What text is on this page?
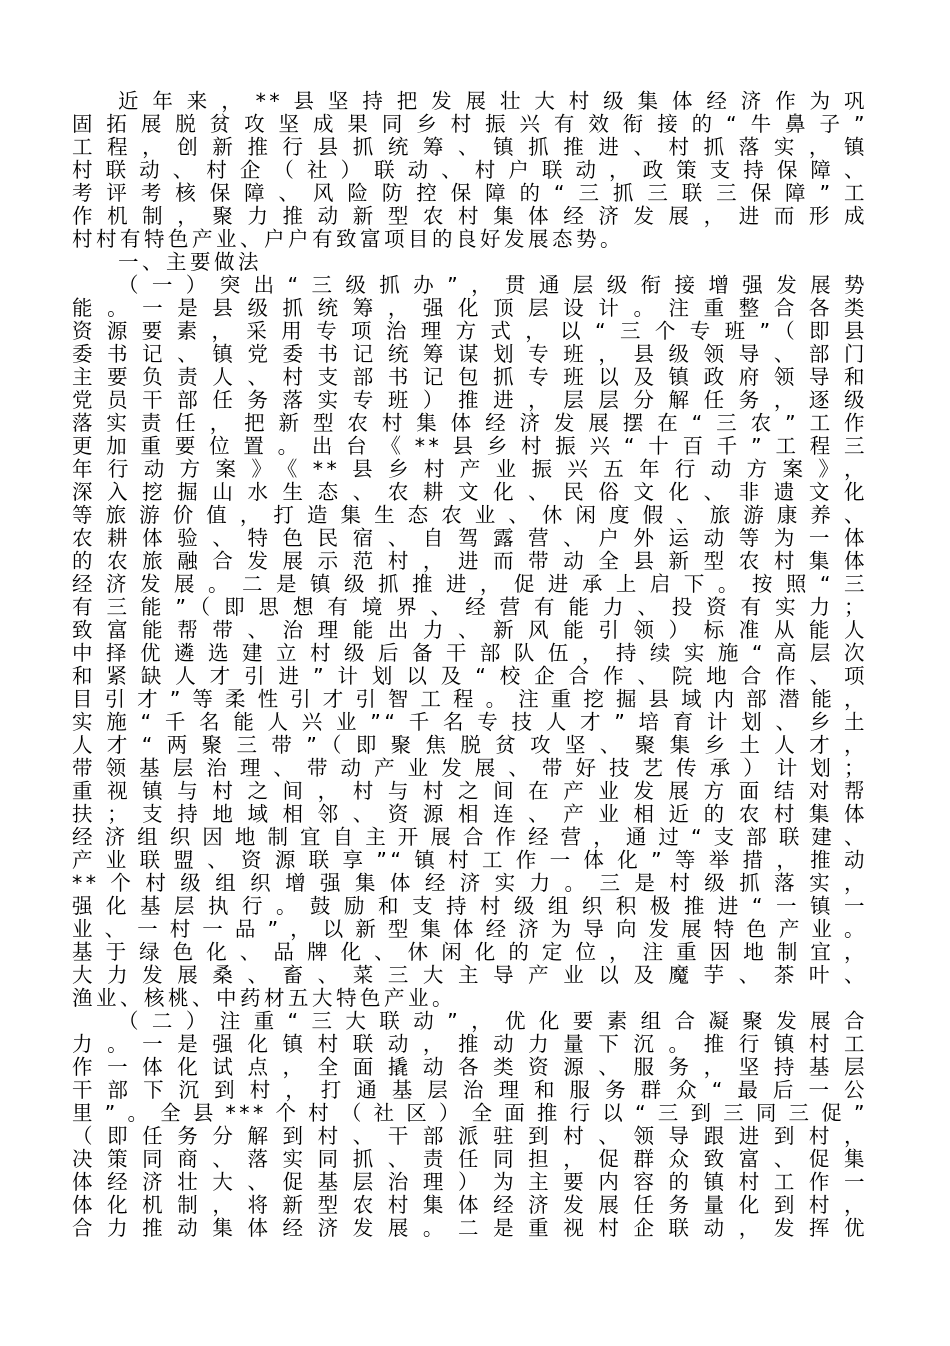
近年来，**县坚持把发展壮大村级集体经济作为巩
固拓展脱贫攻坚成果同乡村振兴有效衔接的“牛鼻子”
工程，创新推行县抓统筹、镇抓推进、村抓落实，镇
村联动、村企（社）联动、村户联动，政策支持保障、
考评考核保障、风险防控保障的“三抓三联三保障”工
作机制，聚力推动新型农村集体经济发展，进而形成
村村有特色产业、户户有致富项目的良好发展态势。
一、主要做法
（一）突出“三级抓办”，贯通层级衔接增强发展势
能。一是县级抓统筹，强化顶层设计。注重整合各类
资源要素，采用专项治理方式，以“三个专班”（即县
委书记、镇党委书记统筹谋划专班，县级领导、部门
主要负责人、村支部书记包抓专班以及镇政府领导和
党员干部任务落实专班）推进，层层分解任务，逐级
落实责任，把新型农村集体经济发展摆在“三农”工作
更加重要位置。出台《**县乡村振兴“十百千”工程三
年行动方案》《**县乡村产业振兴五年行动方案》，
深入挖掘山水生态、农耕文化、民俗文化、非遗文化
等旅游价值，打造集生态农业、休闲度假、旅游康养、
农耕体验、特色民宿、自驾露营、户外运动等为一体
的农旅融合发展示范村，进而带动全县新型农村集体
经济发展。二是镇级抓推进，促进承上启下。按照“三
有三能”（即思想有境界、经营有能力、投资有实力；
致富能帮带、治理能出力、新风能引领）标准从能人
中择优遴选建立村级后备干部队伍，持续实施“高层次
和紧缺人才引进”计划以及“校企合作、院地合作、项
目引才”等柔性引才引智工程。注重挖掘县域内部潜能，
实施“千名能人兴业”“千名专技人才”培育计划、乡土
人才“两聚三带”（即聚焦脱贫攻坚、聚集乡土人才，
带领基层治理、带动产业发展、带好技艺传承）计划；
重视镇与村之间，村与村之间在产业发展方面结对帮
扶；支持地域相邻、资源相连、产业相近的农村集体
经济组织因地制宜自主开展合作经营，通过“支部联建、
产业联盟、资源联享”“镇村工作一体化”等举措，推动
**个村级组织增强集体经济实力。三是村级抓落实，
强化基层执行。鼓励和支持村级组织积极推进“一镇一
业、一村一品”，以新型集体经济为导向发展特色产业。
基于绿色化、品牌化、休闲化的定位，注重因地制宜，
大力发展桑、畜、菜三大主导产业以及魔芋、茶叶、
渔业、核桃、中药材五大特色产业。
（二）注重“三大联动”，优化要素组合凝聚发展合
力。一是强化镇村联动，推动力量下沉。推行镇村工
作一体化试点，全面撬动各类资源、服务，坚持基层
干部下沉到村，打通基层治理和服务群众“最后一公
里”。全县***个村（社区）全面推行以“三到三同三促”
（即任务分解到村、干部派驻到村、领导跟进到村，
决策同商、落实同抓、责任同担，促群众致富、促集
体经济壮大、促基层治理）为主要内容的镇村工作一
体化机制，将新型农村集体经济发展任务量化到村，
合力推动集体经济发展。二是重视村企联动，发挥优
